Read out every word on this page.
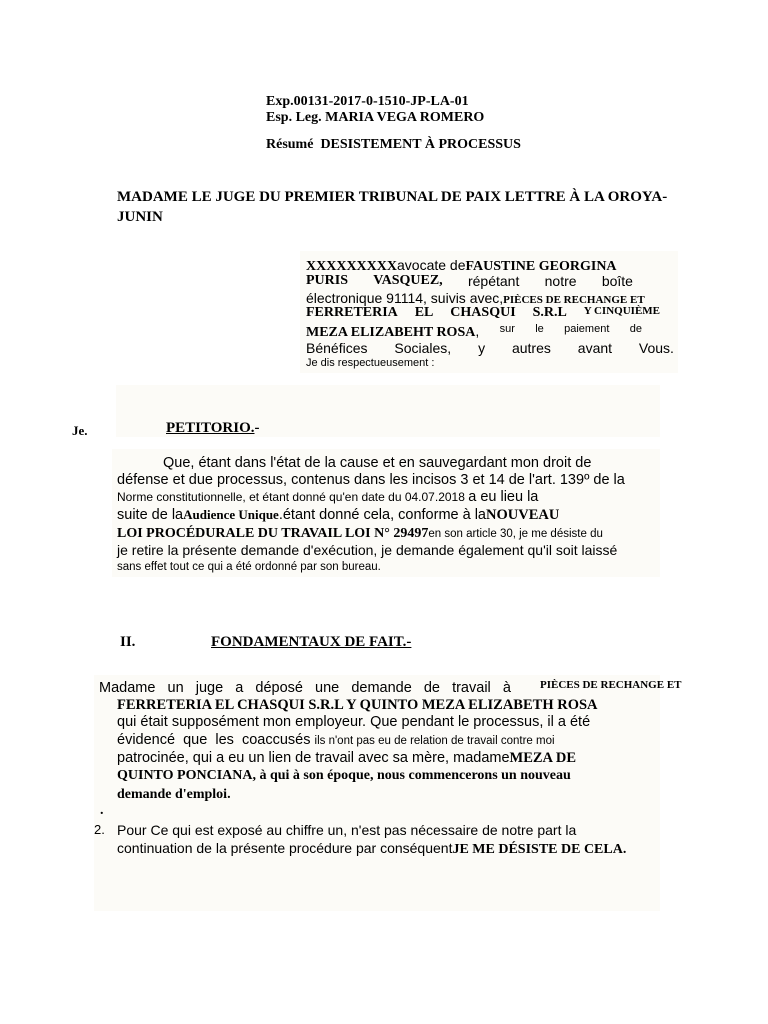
Exp.00131-2017-0-1510-JP-LA-01
Esp. Leg. MARIA VEGA ROMERO
Résumé DESISTEMENT À PROCESSUS
MADAME LE JUGE DU PREMIER TRIBUNAL DE PAIX LETTRE À LA OROYA-
JUNIN
XXXXXXXXXavocate deFAUSTINE GEORGINA
PURIS VASQUEZ, répétant notre boîte
électronique 91114, suivis avec,PIÈCES DE RECHANGE ET
FERRETERIA EL CHASQUI S.R.L Y CINQUIÈME
MEZA ELIZABEHT ROSA, sur le paiement de
Bénéfices Sociales, y autres avant Vous.
Je dis respectueusement :
Je.	PETITORIO.-
Que, étant dans l'état de la cause et en sauvegardant mon droit de
défense et due processus, contenus dans les incisos 3 et 14 de l'art. 139º de la
Norme constitutionnelle, et étant donné qu'en date du 04.07.2018 a eu lieu la
suite de laAudience Unique.étant donné cela, conforme à laNOUVEAU
LOI PROCÉDURALE DU TRAVAIL LOI N° 29497en son article 30, je me désiste du
je retire la présente demande d'exécution, je demande également qu'il soit laissé
sans effet tout ce qui a été ordonné par son bureau.
II.	FONDAMENTAUX DE FAIT.-
Madame un juge a déposé une demande de travail à	PIÈCES DE RECHANGE ET
FERRETERIA EL CHASQUI S.R.L Y QUINTO MEZA ELIZABETH ROSA
qui était supposément mon employeur. Que pendant le processus, il a été
évidencé que les coaccusés ils n'ont pas eu de relation de travail contre moi
patrocinée, qui a eu un lien de travail avec sa mère, madameMEZA DE
QUINTO PONCIANA, à qui à son époque, nous commencerons un nouveau
demande d'emploi.
.
2. Pour Ce qui est exposé au chiffre un, n'est pas nécessaire de notre part la
continuation de la présente procédure par conséquentJE ME DÉSISTE DE CELA.
